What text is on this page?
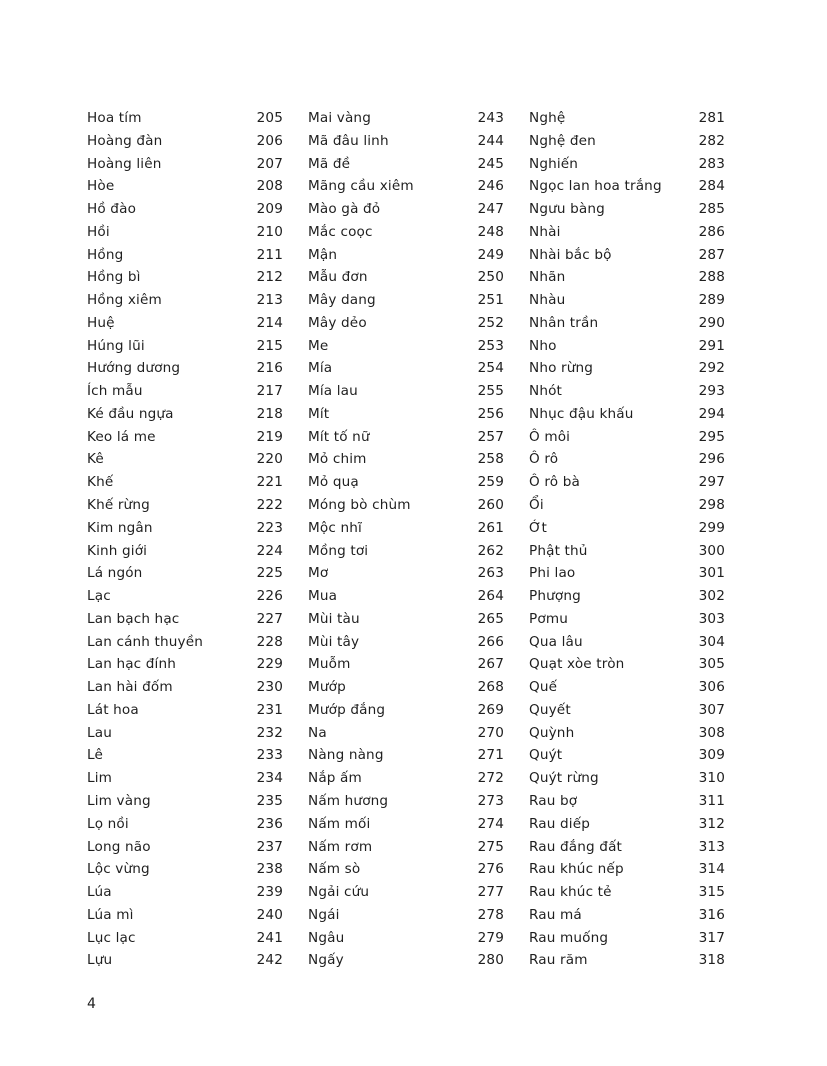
Hoa tím	205
Hoàng đàn	206
Hoàng liên	207
Hòe	208
Hồ đào	209
Hồi	210
Hồng	211
Hồng bì	212
Hồng xiêm	213
Huệ	214
Húng lũi	215
Hướng dương	216
Ích mẫu	217
Ké đầu ngựa	218
Keo lá me	219
Kê	220
Khế	221
Khế rừng	222
Kim ngân	223
Kinh giới	224
Lá ngón	225
Lạc	226
Lan bạch hạc	227
Lan cánh thuyền	228
Lan hạc đính	229
Lan hài đốm	230
Lát hoa	231
Lau	232
Lê	233
Lim	234
Lim vàng	235
Lọ nồi	236
Long não	237
Lộc vừng	238
Lúa	239
Lúa mì	240
Lục lạc	241
Lựu	242
Mai vàng	243
Mã đâu linh	244
Mã đề	245
Mãng cầu xiêm	246
Mào gà đỏ	247
Mắc coọc	248
Mận	249
Mẫu đơn	250
Mây dang	251
Mây dẻo	252
Me	253
Mía	254
Mía lau	255
Mít	256
Mít tố nữ	257
Mỏ chim	258
Mỏ quạ	259
Móng bò chùm	260
Mộc nhĩ	261
Mồng tơi	262
Mơ	263
Mua	264
Mùi tàu	265
Mùi tây	266
Muỗm	267
Mướp	268
Mướp đắng	269
Na	270
Nàng nàng	271
Nắp ấm	272
Nấm hương	273
Nấm mối	274
Nấm rơm	275
Nấm sò	276
Ngải cứu	277
Ngái	278
Ngâu	279
Ngấy	280
Nghệ	281
Nghệ đen	282
Nghiến	283
Ngọc lan hoa trắng	284
Ngưu bàng	285
Nhài	286
Nhài bắc bộ	287
Nhãn	288
Nhàu	289
Nhân trần	290
Nho	291
Nho rừng	292
Nhót	293
Nhục đậu khấu	294
Ô môi	295
Ô rô	296
Ô rô bà	297
Ổi	298
Ớt	299
Phật thủ	300
Phi lao	301
Phượng	302
Pơmu	303
Qua lâu	304
Quạt xòe tròn	305
Quế	306
Quyết	307
Quỳnh	308
Quýt	309
Quýt rừng	310
Rau bợ	311
Rau diếp	312
Rau đắng đất	313
Rau khúc nếp	314
Rau khúc tẻ	315
Rau má	316
Rau muống	317
Rau răm	318
4
